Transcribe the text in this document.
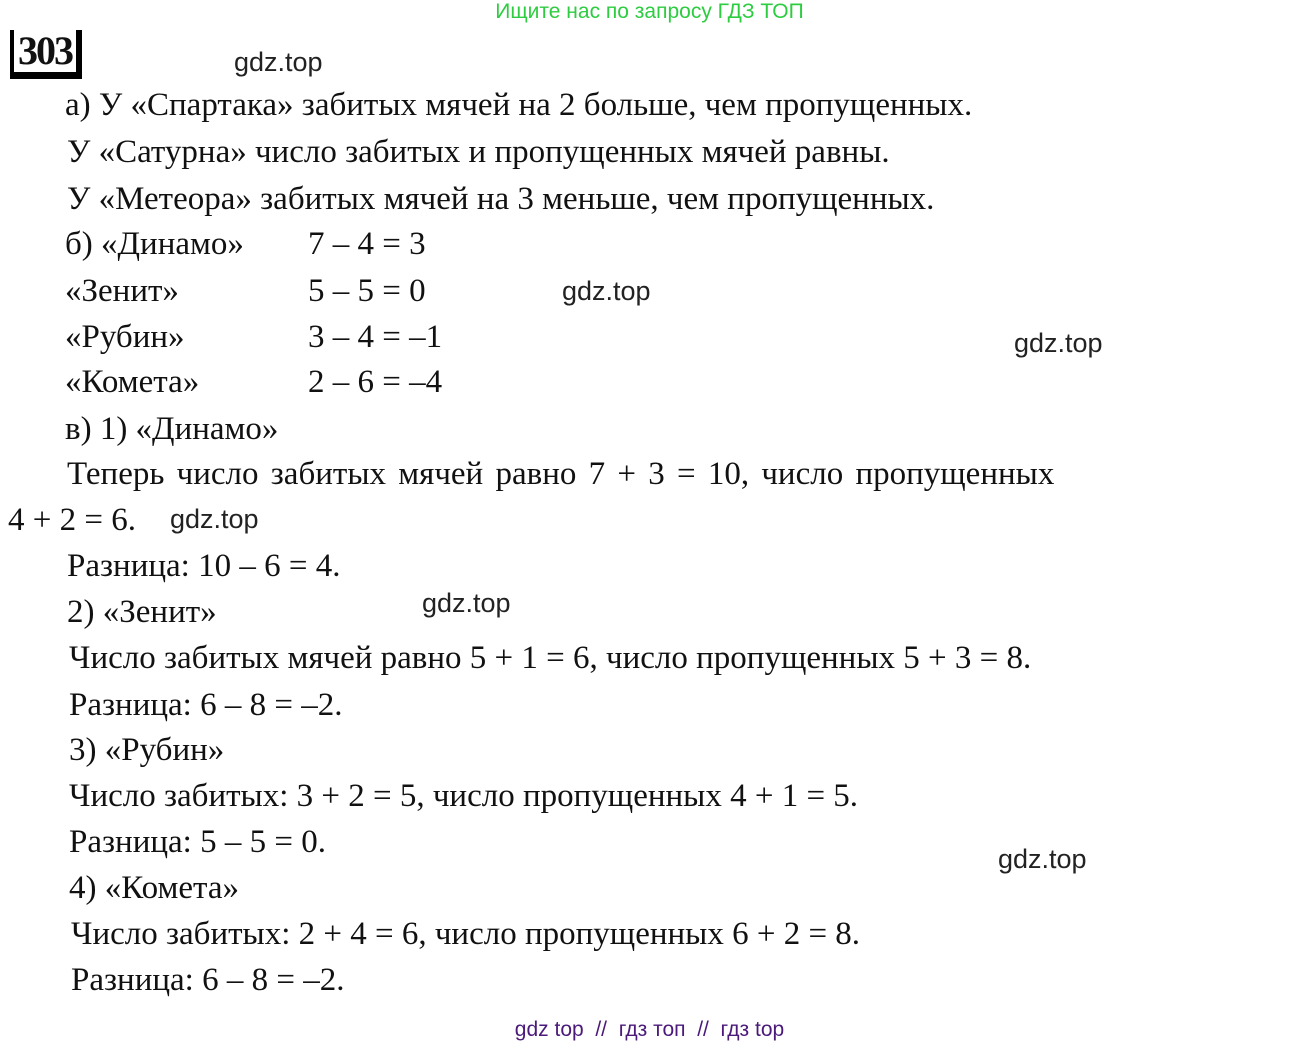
Ищите нас по запросу ГДЗ ТОП
303	gdz.top
gdz.top
gdz.top
gdz.top
gdz.top
gdz.top
а) У «Спартака» забитых мячей на 2 больше, чем пропущенных.
У «Сатурна» число забитых и пропущенных мячей равны.
У «Метеора» забитых мячей на 3 меньше, чем пропущенных.
б) «Динамо» 7 – 4 = 3
«Зенит»	5 – 5 = 0
«Рубин»	3 – 4 = –1
«Комета»	2 – 6 = –4
в) 1) «Динамо»
Теперь число забитых мячей равно 7 + 3 = 10, число пропущенных
4 + 2 = 6.
Разница: 10 – 6 = 4.
2) «Зенит»
Число забитых мячей равно 5 + 1 = 6, число пропущенных 5 + 3 = 8.
Разница: 6 – 8 = –2.
3) «Рубин»
Число забитых: 3 + 2 = 5, число пропущенных 4 + 1 = 5.
Разница: 5 – 5 = 0.
4) «Комета»
Число забитых: 2 + 4 = 6, число пропущенных 6 + 2 = 8.
Разница: 6 – 8 = –2.
gdz top  //  гдз топ  //  гдз top
